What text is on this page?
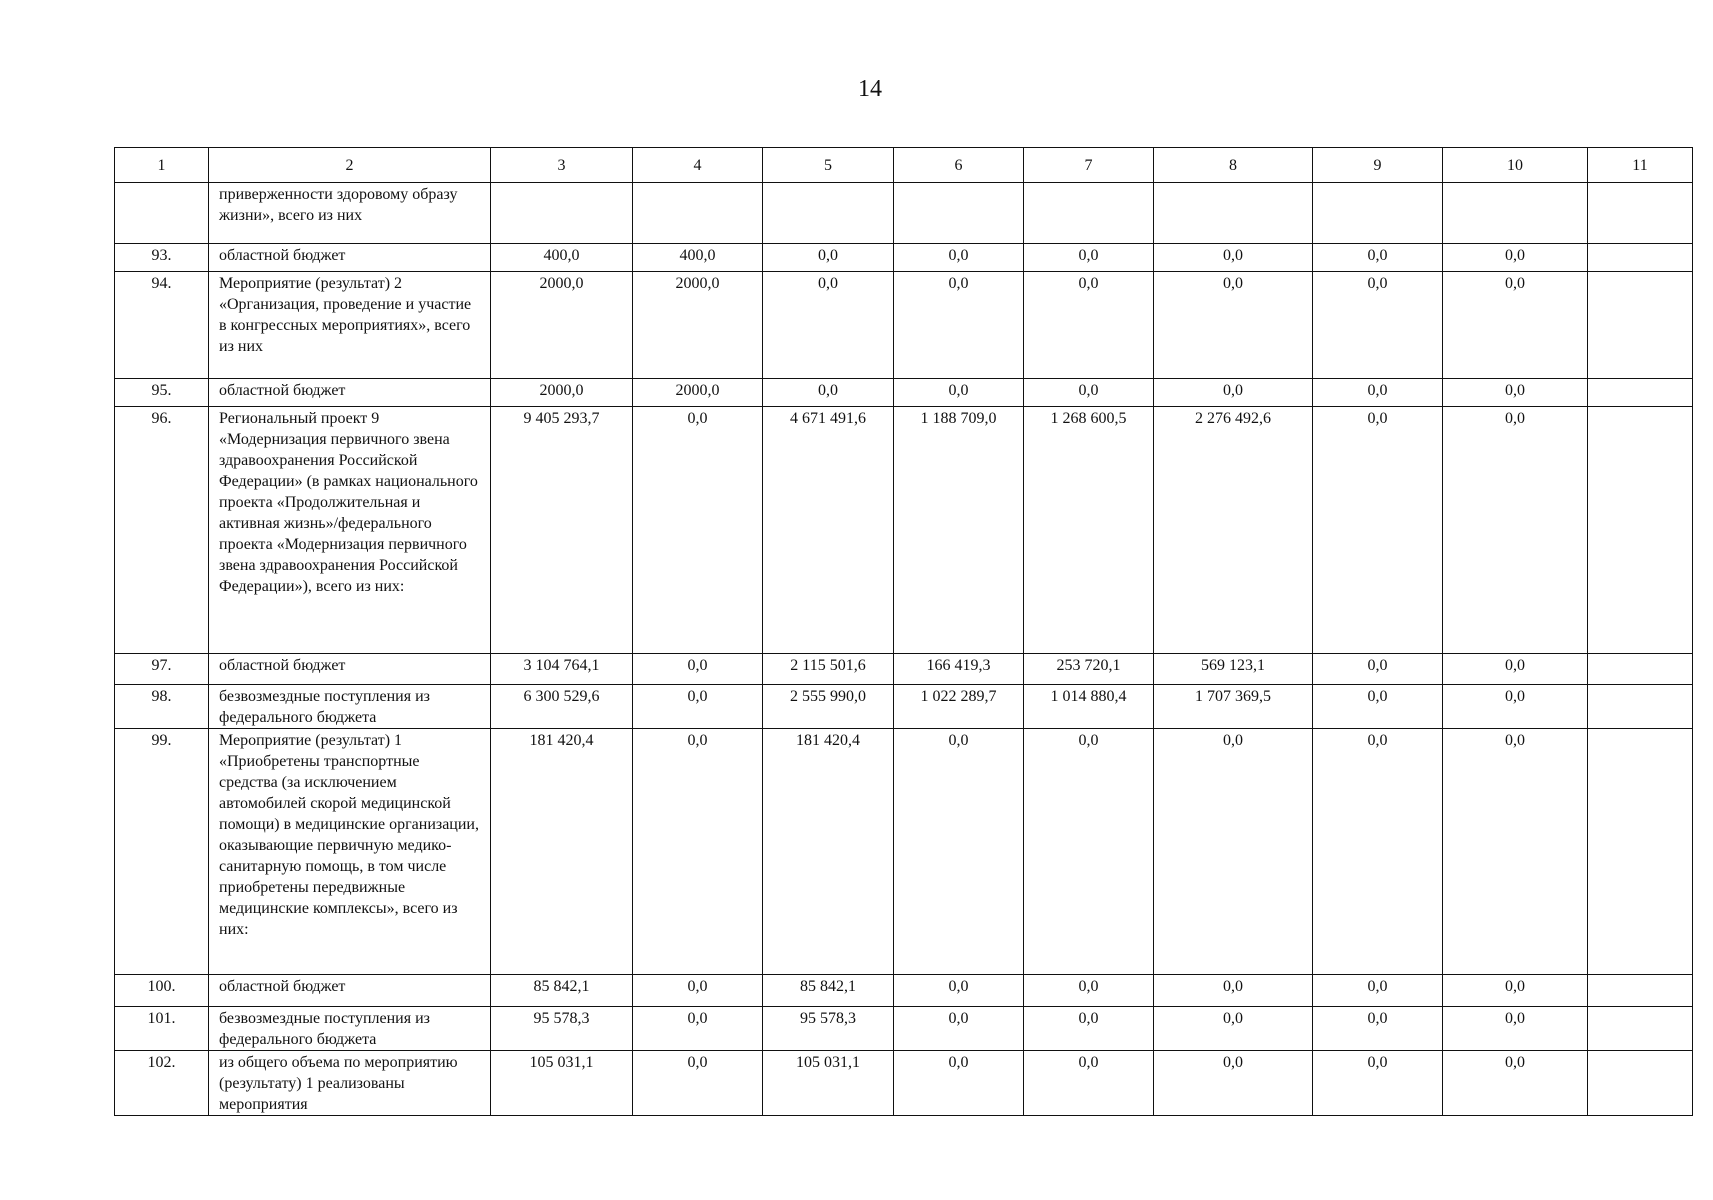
14
1	2	3	4	5	6	7	8	9	10	11
	приверженности здоровому образу жизни», всего из них									
93.	областной бюджет	400,0	400,0	0,0	0,0	0,0	0,0	0,0	0,0	
94.	Мероприятие (результат) 2 «Организация, проведение и участие в конгрессных мероприятиях», всего из них	2000,0	2000,0	0,0	0,0	0,0	0,0	0,0	0,0	
95.	областной бюджет	2000,0	2000,0	0,0	0,0	0,0	0,0	0,0	0,0	
96.	Региональный проект 9 «Модернизация первичного звена здравоохранения Российской Федерации» (в рамках национального проекта «Продолжительная и активная жизнь»/федерального проекта «Модернизация первичного звена здравоохранения Российской Федерации»), всего из них:	9 405 293,7	0,0	4 671 491,6	1 188 709,0	1 268 600,5	2 276 492,6	0,0	0,0	
97.	областной бюджет	3 104 764,1	0,0	2 115 501,6	166 419,3	253 720,1	569 123,1	0,0	0,0	
98.	безвозмездные поступления из федерального бюджета	6 300 529,6	0,0	2 555 990,0	1 022 289,7	1 014 880,4	1 707 369,5	0,0	0,0	
99.	Мероприятие (результат) 1 «Приобретены транспортные средства (за исключением автомобилей скорой медицинской помощи) в медицинские организации, оказывающие первичную медико-санитарную помощь, в том числе приобретены передвижные медицинские комплексы», всего из них:	181 420,4	0,0	181 420,4	0,0	0,0	0,0	0,0	0,0	
100.	областной бюджет	85 842,1	0,0	85 842,1	0,0	0,0	0,0	0,0	0,0	
101.	безвозмездные поступления из федерального бюджета	95 578,3	0,0	95 578,3	0,0	0,0	0,0	0,0	0,0	
102.	из общего объема по мероприятию (результату) 1 реализованы мероприятия	105 031,1	0,0	105 031,1	0,0	0,0	0,0	0,0	0,0	
